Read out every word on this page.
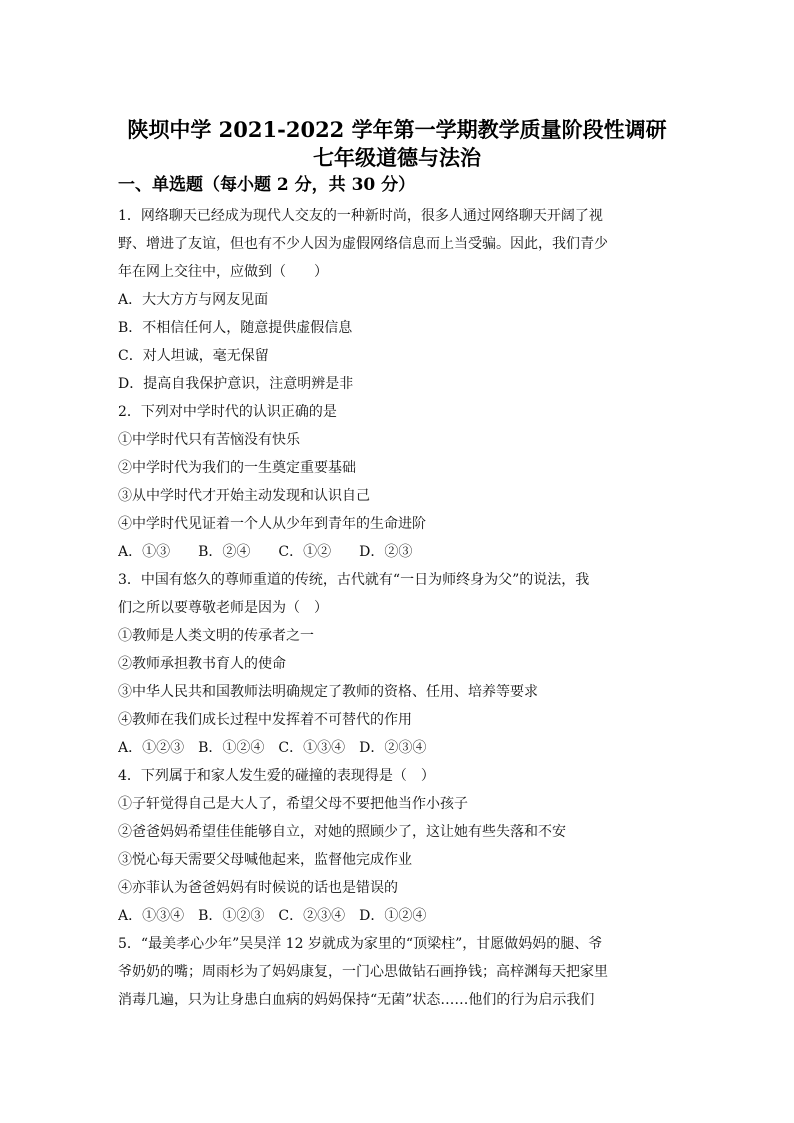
陕坝中学 2021-2022 学年第一学期教学质量阶段性调研
七年级道德与法治
一、单选题（每小题 2 分，共 30 分）
1．网络聊天已经成为现代人交友的一种新时尚，很多人通过网络聊天开阔了视
野、增进了友谊，但也有不少人因为虚假网络信息而上当受骗。因此，我们青少
年在网上交往中，应做到（　　）
A．大大方方与网友见面
B．不相信任何人，随意提供虚假信息
C．对人坦诚，毫无保留
D．提高自我保护意识，注意明辨是非
2．下列对中学时代的认识正确的是
①中学时代只有苦恼没有快乐
②中学时代为我们的一生奠定重要基础
③从中学时代才开始主动发现和认识自己
④中学时代见证着一个人从少年到青年的生命进阶
A．①③　　B．②④　　C．①②　　D．②③
3．中国有悠久的尊师重道的传统，古代就有“一日为师终身为父”的说法，我
们之所以要尊敬老师是因为（　）
①教师是人类文明的传承者之一
②教师承担教书育人的使命
③中华人民共和国教师法明确规定了教师的资格、任用、培养等要求
④教师在我们成长过程中发挥着不可替代的作用
A．①②③　B．①②④　C．①③④　D．②③④
4．下列属于和家人发生爱的碰撞的表现得是（　）
①子轩觉得自己是大人了，希望父母不要把他当作小孩子
②爸爸妈妈希望佳佳能够自立，对她的照顾少了，这让她有些失落和不安
③悦心每天需要父母喊他起来，监督他完成作业
④亦菲认为爸爸妈妈有时候说的话也是错误的
A．①③④　B．①②③　C．②③④　D．①②④
5．“最美孝心少年”吴昊洋 12 岁就成为家里的“顶梁柱”，甘愿做妈妈的腿、爷
爷奶奶的嘴；周雨杉为了妈妈康复，一门心思做钻石画挣钱；高梓渊每天把家里
消毒几遍，只为让身患白血病的妈妈保持“无菌”状态……他们的行为启示我们
